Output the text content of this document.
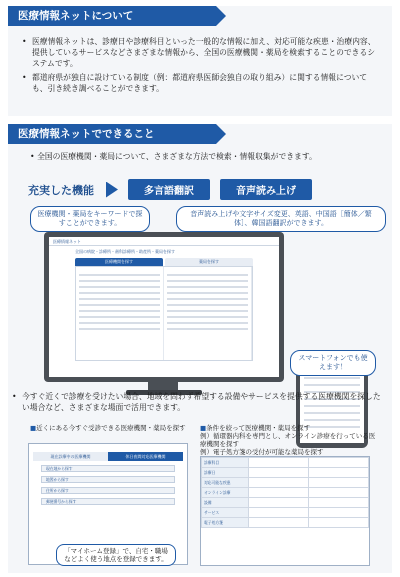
医療情報ネットについて
• 医療情報ネットは、診療日や診療科目といった一般的な情報に加え、対応可能な疾患・治療内容、提供しているサービスなどさまざまな情報から、全国の医療機関・薬局を検索することのできるシステムです。
• 都道府県が独自に設けている制度（例：都道府県医師会独自の取り組み）に関する情報についても、引き続き調べることができます。
医療情報ネットでできること
• 全国の医療機関・薬局について、さまざまな方法で検索・情報収集ができます。
充実した機能	多言語翻訳	音声読み上げ
医療機関・薬局をキーワードで探すことができます。
音声読み上げや文字サイズ変更、英語、中国語［簡体／繁体］、韓国語翻訳ができます。
医療情報ネット
全国の病院・診療所・歯科診療所・助産所・薬局を探す
医療機関を探す	薬局を探す
スマートフォンでも使えます！
• 今すぐ近くで診療を受けたい場合、地域を問わず希望する設備やサービスを提供する医療機関を探したい場合など、さまざまな場面で活用できます。
■近くにある今すぐ受診できる医療機関・薬局を探す	■条件を絞って医療機関・薬局を探す
例）循環器内科を専門とし、オンライン診療を行っている医療機関を探す
例）電子処方箋の受付が可能な薬局を探す
現在診療中の医療機関	休日夜間対応医療機関
現在地から探す
地図から探す
住所から探す
郵便番号から探す
「マイホーム登録」で、自宅・職場などよく使う地点を登録できます。
診療科目		
診療日		
対応可能な疾患		
オンライン診療		
設備		
サービス		
電子処方箋		
